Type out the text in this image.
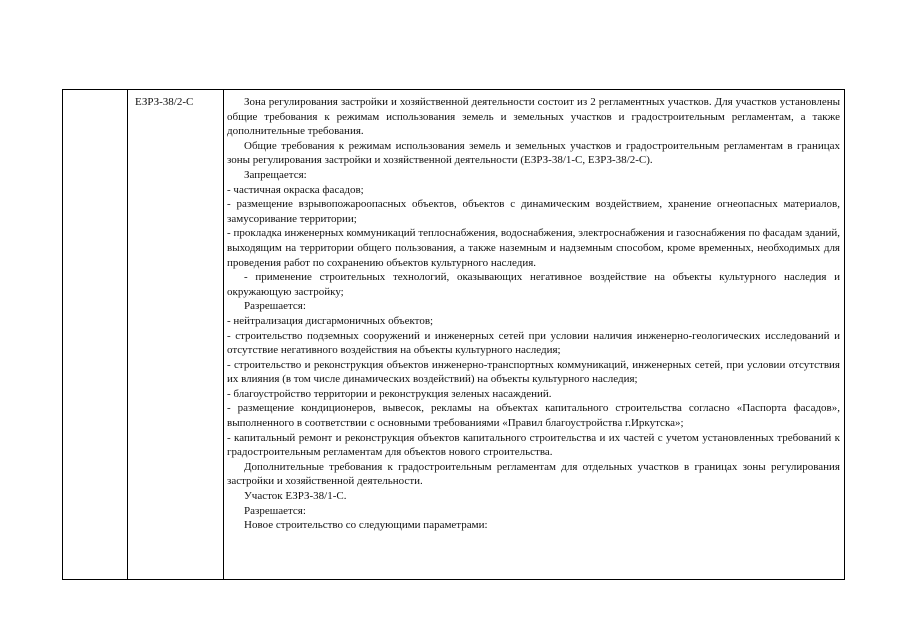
ЕЗРЗ-38/2-С	Зона регулирования застройки и хозяйственной деятельности состоит из 2 регламентных участков. Для участков установлены общие требования к режимам использования земель и земельных участков и градостроительным регламентам, а также дополнительные требования.

Общие требования к режимам использования земель и земельных участков и градостроительным регламентам в границах зоны регулирования застройки и хозяйственной деятельности (ЕЗРЗ-38/1-С, ЕЗРЗ-38/2-С).

Запрещается:

- частичная окраска фасадов;

- размещение взрывопожароопасных объектов, объектов с динамическим воздействием, хранение огнеопасных материалов, замусоривание территории;

- прокладка инженерных коммуникаций теплоснабжения, водоснабжения, электроснабжения и газоснабжения по фасадам зданий, выходящим на территории общего пользования, а также наземным и надземным способом, кроме временных, необходимых для проведения работ по сохранению объектов культурного наследия.

- применение строительных технологий, оказывающих негативное воздействие на объекты культурного наследия и окружающую застройку;

Разрешается:

- нейтрализация дисгармоничных объектов;

- строительство подземных сооружений и инженерных сетей при условии наличия инженерно-геологических исследований и отсутствие негативного воздействия на объекты культурного наследия;

- строительство и реконструкция объектов инженерно-транспортных коммуникаций, инженерных сетей, при условии отсутствия их влияния (в том числе динамических воздействий) на объекты культурного наследия;

- благоустройство территории и реконструкция зеленых насаждений.

- размещение кондиционеров, вывесок, рекламы на объектах капитального строительства согласно «Паспорта фасадов», выполненного в соответствии с основными требованиями «Правил благоустройства г.Иркутска»;

- капитальный ремонт и реконструкция объектов капитального строительства и их частей с учетом установленных требований к градостроительным регламентам для объектов нового строительства.

Дополнительные требования к градостроительным регламентам для отдельных участков в границах зоны регулирования застройки и хозяйственной деятельности.

Участок ЕЗРЗ-38/1-С.

Разрешается:

Новое строительство со следующими параметрами:
